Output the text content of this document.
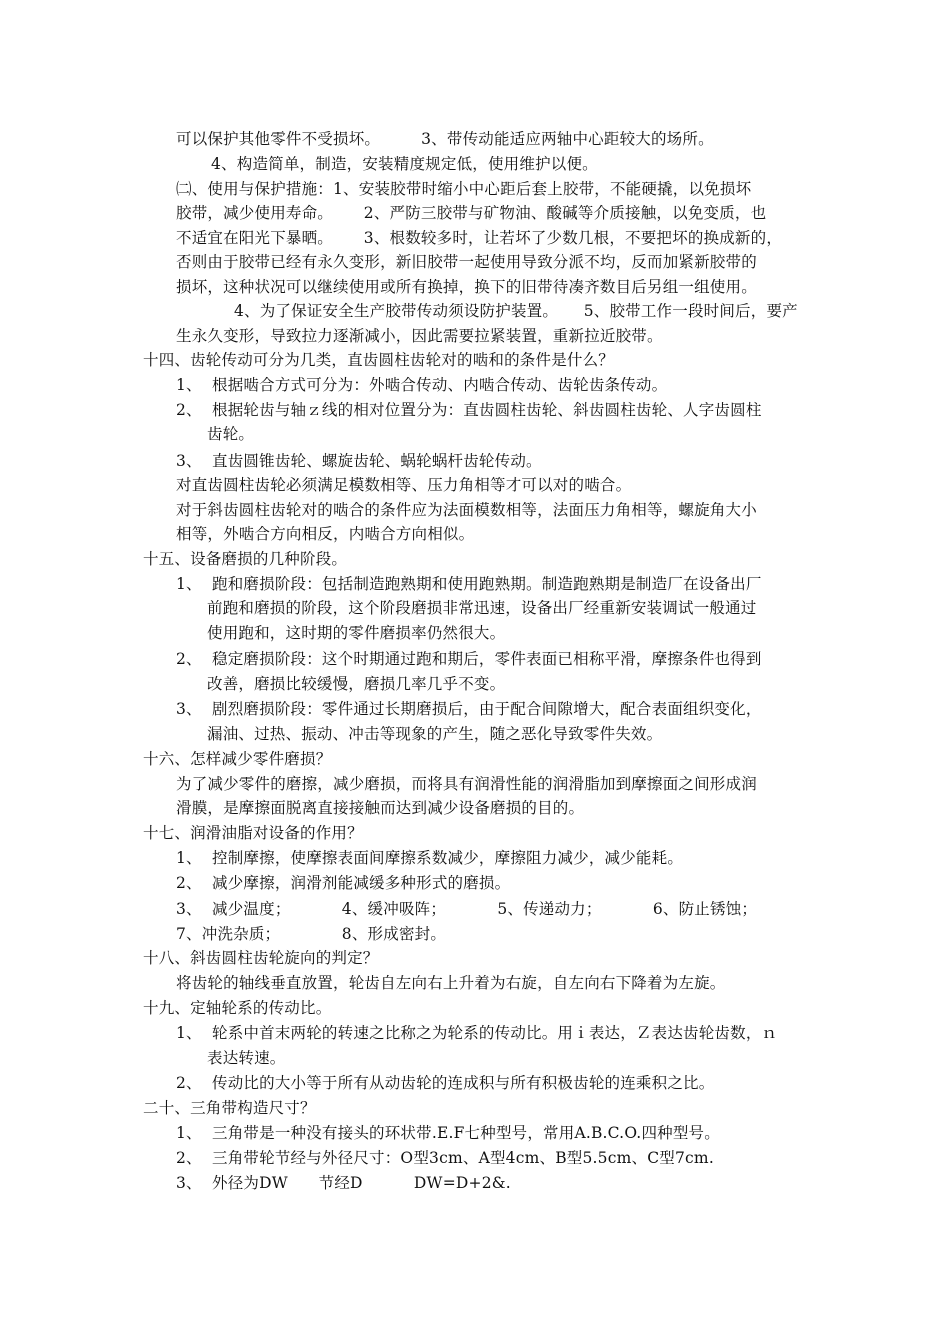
可以保护其他零件不受损坏。        3、带传动能适应两轴中心距较大的场所。
4、构造简单，制造，安装精度规定低，使用维护以便。
㈡、使用与保护措施：1、安装胶带时缩小中心距后套上胶带，不能硬撬，以免损坏
胶带，减少使用寿命。      2、严防三胶带与矿物油、酸碱等介质接触，以免变质，也
不适宜在阳光下暴晒。      3、根数较多时，让若坏了少数几根，不要把坏的换成新的，
否则由于胶带已经有永久变形，新旧胶带一起使用导致分派不均，反而加紧新胶带的
损坏，这种状况可以继续使用或所有换掉，换下的旧带待凑齐数目后另组一组使用。
4、为了保证安全生产胶带传动须设防护装置。     5、胶带工作一段时间后，要产
生永久变形，导致拉力逐渐减小，因此需要拉紧装置，重新拉近胶带。
十四、齿轮传动可分为几类，直齿圆柱齿轮对的啮和的条件是什么？
1、  根据啮合方式可分为：外啮合传动、内啮合传动、齿轮齿条传动。
2、  根据轮齿与轴ｚ线的相对位置分为：直齿圆柱齿轮、斜齿圆柱齿轮、人字齿圆柱
齿轮。
3、  直齿圆锥齿轮、螺旋齿轮、蜗轮蜗杆齿轮传动。
对直齿圆柱齿轮必须满足模数相等、压力角相等才可以对的啮合。
对于斜齿圆柱齿轮对的啮合的条件应为法面模数相等，法面压力角相等，螺旋角大小
相等，外啮合方向相反，内啮合方向相似。
十五、设备磨损的几种阶段。
1、  跑和磨损阶段：包括制造跑熟期和使用跑熟期。制造跑熟期是制造厂在设备出厂
前跑和磨损的阶段，这个阶段磨损非常迅速，设备出厂经重新安装调试一般通过
使用跑和，这时期的零件磨损率仍然很大。
2、  稳定磨损阶段：这个时期通过跑和期后，零件表面已相称平滑，摩擦条件也得到
改善，磨损比较缓慢，磨损几率几乎不变。
3、  剧烈磨损阶段：零件通过长期磨损后，由于配合间隙增大，配合表面组织变化，
漏油、过热、振动、冲击等现象的产生，随之恶化导致零件失效。
十六、怎样减少零件磨损？
为了减少零件的磨擦，减少磨损，而将具有润滑性能的润滑脂加到摩擦面之间形成润
滑膜，是摩擦面脱离直接接触而达到减少设备磨损的目的。
十七、润滑油脂对设备的作用？
1、  控制摩擦，使摩擦表面间摩擦系数减少，摩擦阻力减少，减少能耗。
2、  减少摩擦，润滑剂能减缓多种形式的磨损。
3、  减少温度；          4、缓冲吸阵；          5、传递动力；          6、防止锈蚀；
7、冲洗杂质；            8、形成密封。
十八、斜齿圆柱齿轮旋向的判定？
将齿轮的轴线垂直放置，轮齿自左向右上升着为右旋，自左向右下降着为左旋。
十九、定轴轮系的传动比。
1、  轮系中首末两轮的转速之比称之为轮系的传动比。用ｉ表达，Ｚ表达齿轮齿数，ｎ
表达转速。
2、  传动比的大小等于所有从动齿轮的连成积与所有积极齿轮的连乘积之比。
二十、三角带构造尺寸？
1、  三角带是一种没有接头的环状带.E.F七种型号，常用A.B.C.O.四种型号。
2、  三角带轮节经与外径尺寸：O型3cm、A型4cm、B型5.5cm、C型7cm.
3、  外径为DW      节经D          DW=D+2&.
